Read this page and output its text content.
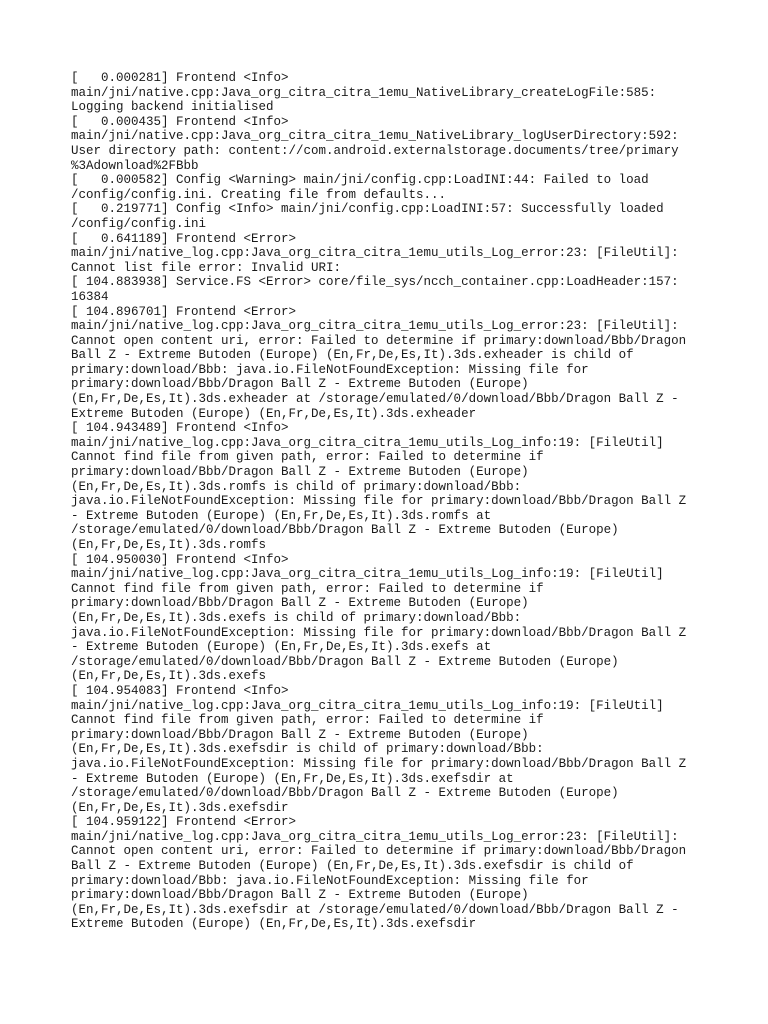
[   0.000281] Frontend <Info>
main/jni/native.cpp:Java_org_citra_citra_1emu_NativeLibrary_createLogFile:585:
Logging backend initialised
[   0.000435] Frontend <Info>
main/jni/native.cpp:Java_org_citra_citra_1emu_NativeLibrary_logUserDirectory:592:
User directory path: content://com.android.externalstorage.documents/tree/primary
%3Adownload%2FBbb
[   0.000582] Config <Warning> main/jni/config.cpp:LoadINI:44: Failed to load
/config/config.ini. Creating file from defaults...
[   0.219771] Config <Info> main/jni/config.cpp:LoadINI:57: Successfully loaded
/config/config.ini
[   0.641189] Frontend <Error>
main/jni/native_log.cpp:Java_org_citra_citra_1emu_utils_Log_error:23: [FileUtil]:
Cannot list file error: Invalid URI:
[ 104.883938] Service.FS <Error> core/file_sys/ncch_container.cpp:LoadHeader:157:
16384
[ 104.896701] Frontend <Error>
main/jni/native_log.cpp:Java_org_citra_citra_1emu_utils_Log_error:23: [FileUtil]:
Cannot open content uri, error: Failed to determine if primary:download/Bbb/Dragon
Ball Z - Extreme Butoden (Europe) (En,Fr,De,Es,It).3ds.exheader is child of
primary:download/Bbb: java.io.FileNotFoundException: Missing file for
primary:download/Bbb/Dragon Ball Z - Extreme Butoden (Europe)
(En,Fr,De,Es,It).3ds.exheader at /storage/emulated/0/download/Bbb/Dragon Ball Z -
Extreme Butoden (Europe) (En,Fr,De,Es,It).3ds.exheader
[ 104.943489] Frontend <Info>
main/jni/native_log.cpp:Java_org_citra_citra_1emu_utils_Log_info:19: [FileUtil]
Cannot find file from given path, error: Failed to determine if
primary:download/Bbb/Dragon Ball Z - Extreme Butoden (Europe)
(En,Fr,De,Es,It).3ds.romfs is child of primary:download/Bbb:
java.io.FileNotFoundException: Missing file for primary:download/Bbb/Dragon Ball Z
- Extreme Butoden (Europe) (En,Fr,De,Es,It).3ds.romfs at
/storage/emulated/0/download/Bbb/Dragon Ball Z - Extreme Butoden (Europe)
(En,Fr,De,Es,It).3ds.romfs
[ 104.950030] Frontend <Info>
main/jni/native_log.cpp:Java_org_citra_citra_1emu_utils_Log_info:19: [FileUtil]
Cannot find file from given path, error: Failed to determine if
primary:download/Bbb/Dragon Ball Z - Extreme Butoden (Europe)
(En,Fr,De,Es,It).3ds.exefs is child of primary:download/Bbb:
java.io.FileNotFoundException: Missing file for primary:download/Bbb/Dragon Ball Z
- Extreme Butoden (Europe) (En,Fr,De,Es,It).3ds.exefs at
/storage/emulated/0/download/Bbb/Dragon Ball Z - Extreme Butoden (Europe)
(En,Fr,De,Es,It).3ds.exefs
[ 104.954083] Frontend <Info>
main/jni/native_log.cpp:Java_org_citra_citra_1emu_utils_Log_info:19: [FileUtil]
Cannot find file from given path, error: Failed to determine if
primary:download/Bbb/Dragon Ball Z - Extreme Butoden (Europe)
(En,Fr,De,Es,It).3ds.exefsdir is child of primary:download/Bbb:
java.io.FileNotFoundException: Missing file for primary:download/Bbb/Dragon Ball Z
- Extreme Butoden (Europe) (En,Fr,De,Es,It).3ds.exefsdir at
/storage/emulated/0/download/Bbb/Dragon Ball Z - Extreme Butoden (Europe)
(En,Fr,De,Es,It).3ds.exefsdir
[ 104.959122] Frontend <Error>
main/jni/native_log.cpp:Java_org_citra_citra_1emu_utils_Log_error:23: [FileUtil]:
Cannot open content uri, error: Failed to determine if primary:download/Bbb/Dragon
Ball Z - Extreme Butoden (Europe) (En,Fr,De,Es,It).3ds.exefsdir is child of
primary:download/Bbb: java.io.FileNotFoundException: Missing file for
primary:download/Bbb/Dragon Ball Z - Extreme Butoden (Europe)
(En,Fr,De,Es,It).3ds.exefsdir at /storage/emulated/0/download/Bbb/Dragon Ball Z -
Extreme Butoden (Europe) (En,Fr,De,Es,It).3ds.exefsdir
